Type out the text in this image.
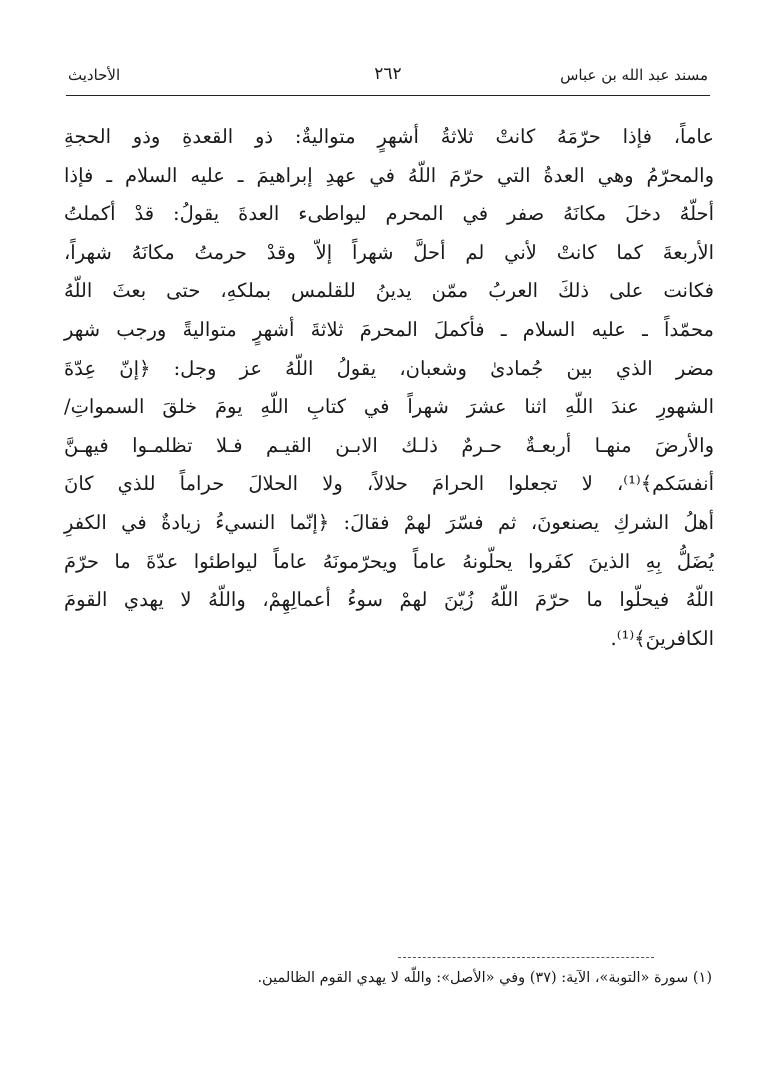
مسند عبد الله بن عباس
٢٦٢
الأحاديث
عاماً، فإذا حرّمَهُ كانتْ ثلاثةُ أشهرٍ متواليةٌ: ذو القعدةِ وذو الحجةِ
والمحرّمُ وهي العدةُ التي حرّمَ اللّهُ في عهدِ إبراهيمَ ـ عليه السلام ـ فإذا
أحلّهُ دخلَ مكانَهُ صفر في المحرم ليواطىء العدةَ يقولُ: قدْ أكملتُ
الأربعةَ كما كانتْ لأني لم أحلَّ شهراً إلاّ وقدْ حرمتُ مكانَهُ شهراً،
فكانت على ذلكَ العربُ ممّن يدينُ للقلمس بملكهِ، حتى بعثَ اللّهُ
محمّداً ـ عليه السلام ـ فأكملَ المحرمَ ثلاثةَ أشهرٍ متواليةً ورجب شهر
مضر الذي بين جُمادىٰ وشعبان، يقولُ اللّهُ عز وجل: ﴿إنّ عِدّةَ
الشهورِ عندَ اللّهِ اثنا عشرَ شهراً في كتابِ اللّهِ يومَ خلقَ السمواتِ/
والأرضَ منهـا أربعـةٌ حـرمٌ ذلـك الابـن القيـم فـلا تظلمـوا فيهـنَّ
أنفسَكم﴾⁽¹⁾، لا تجعلوا الحرامَ حلالاً، ولا الحلالَ حراماً للذي كانَ
أهلُ الشركِ يصنعونَ، ثم فسّرَ لهمْ فقالَ: ﴿إنّما النسيءُ زيادةٌ في الكفرِ
يُضَلُّ بِهِ الذينَ كفَروا يحلّونهُ عاماً ويحرّمونَهُ عاماً ليواطئوا عدّةَ ما حرّمَ
اللّهُ فيحلّوا ما حرّمَ اللّهُ زُيّنَ لهمْ سوءُ أعمالِهِمْ، واللّهُ لا يهدي القومَ
الكافرينَ﴾⁽¹⁾.
(١) سورة «التوبة»، الآية: (٣٧) وفي «الأصل»: واللّه لا يهدي القوم الظالمين.
